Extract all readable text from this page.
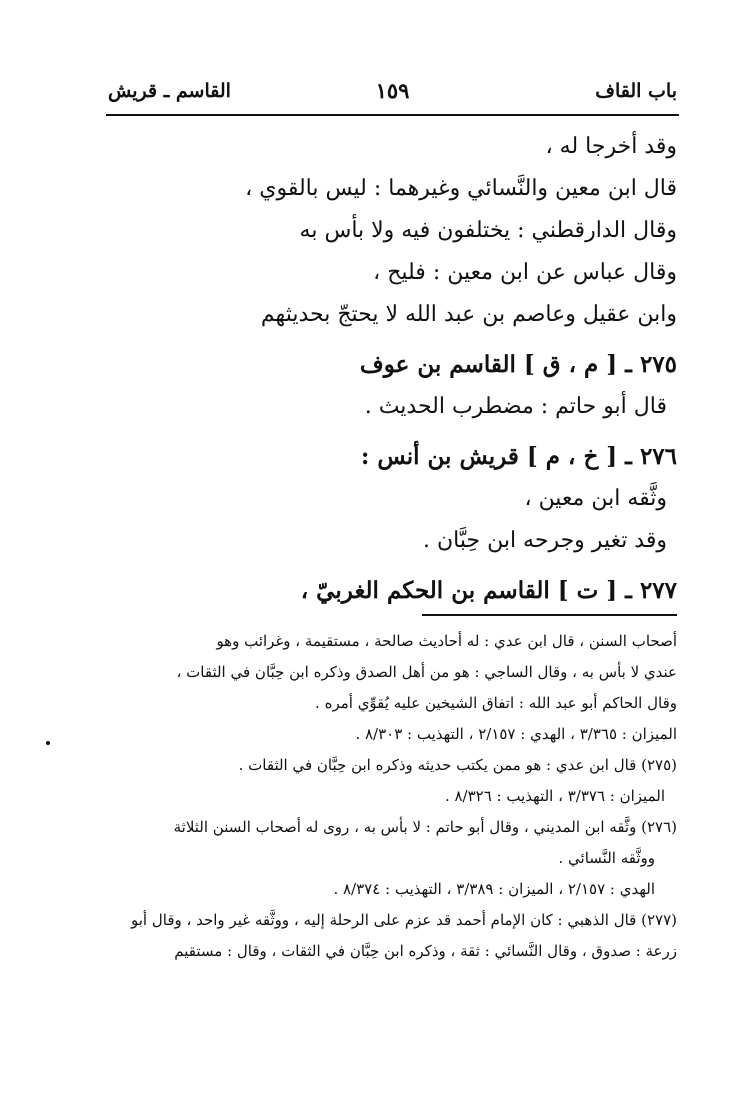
باب القاف
١٥٩
القاسم ـ قريش
وقد أخرجا له ،
قال ابن معين والنَّسائي وغيرهما : ليس بالقوي ،
وقال الدارقطني : يختلفون فيه ولا بأس به
وقال عباس عن ابن معين : فليح ،
وابن عقيل وعاصم بن عبد الله لا يحتجّ بحديثهم
٢٧٥ ـ [ م ، ق ] القاسم بن عوف
قال أبو حاتم : مضطرب الحديث .
٢٧٦ ـ [ خ ، م ] قريش بن أنس :
وثَّقه ابن معين ،
وقد تغير وجرحه ابن حِبَّان .
٢٧٧ ـ [ ت ] القاسم بن الحكم الغربيّ ،
أصحاب السنن ، قال ابن عدي : له أحاديث صالحة ، مستقيمة ، وغرائب وهو
عندي لا بأس به ، وقال الساجي : هو من أهل الصدق وذكره ابن حِبَّان في الثقات ،
وقال الحاكم أبو عبد الله : اتفاق الشيخين عليه يُقوِّي أمره .
الميزان : ٣/٣٦٥ ، الهدي : ٢/١٥٧ ، التهذيب : ٨/٣٠٣ .
(٢٧٥) قال ابن عدي : هو ممن يكتب حديثه وذكره ابن حِبَّان في الثقات .
الميزان : ٣/٣٧٦ ، التهذيب : ٨/٣٢٦ .
(٢٧٦) وثَّقه ابن المديني ، وقال أبو حاتم : لا بأس به ، روى له أصحاب السنن الثلاثة
ووثَّقه النَّسائي .
الهدي : ٢/١٥٧ ، الميزان : ٣/٣٨٩ ، التهذيب : ٨/٣٧٤ .
(٢٧٧) قال الذهبي : كان الإمام أحمد قد عزم على الرحلة إليه ، ووثَّقه غير واحد ، وقال أبو
زرعة : صدوق ، وقال النَّسائي : ثقة ، وذكره ابن حِبَّان في الثقات ، وقال : مستقيم
